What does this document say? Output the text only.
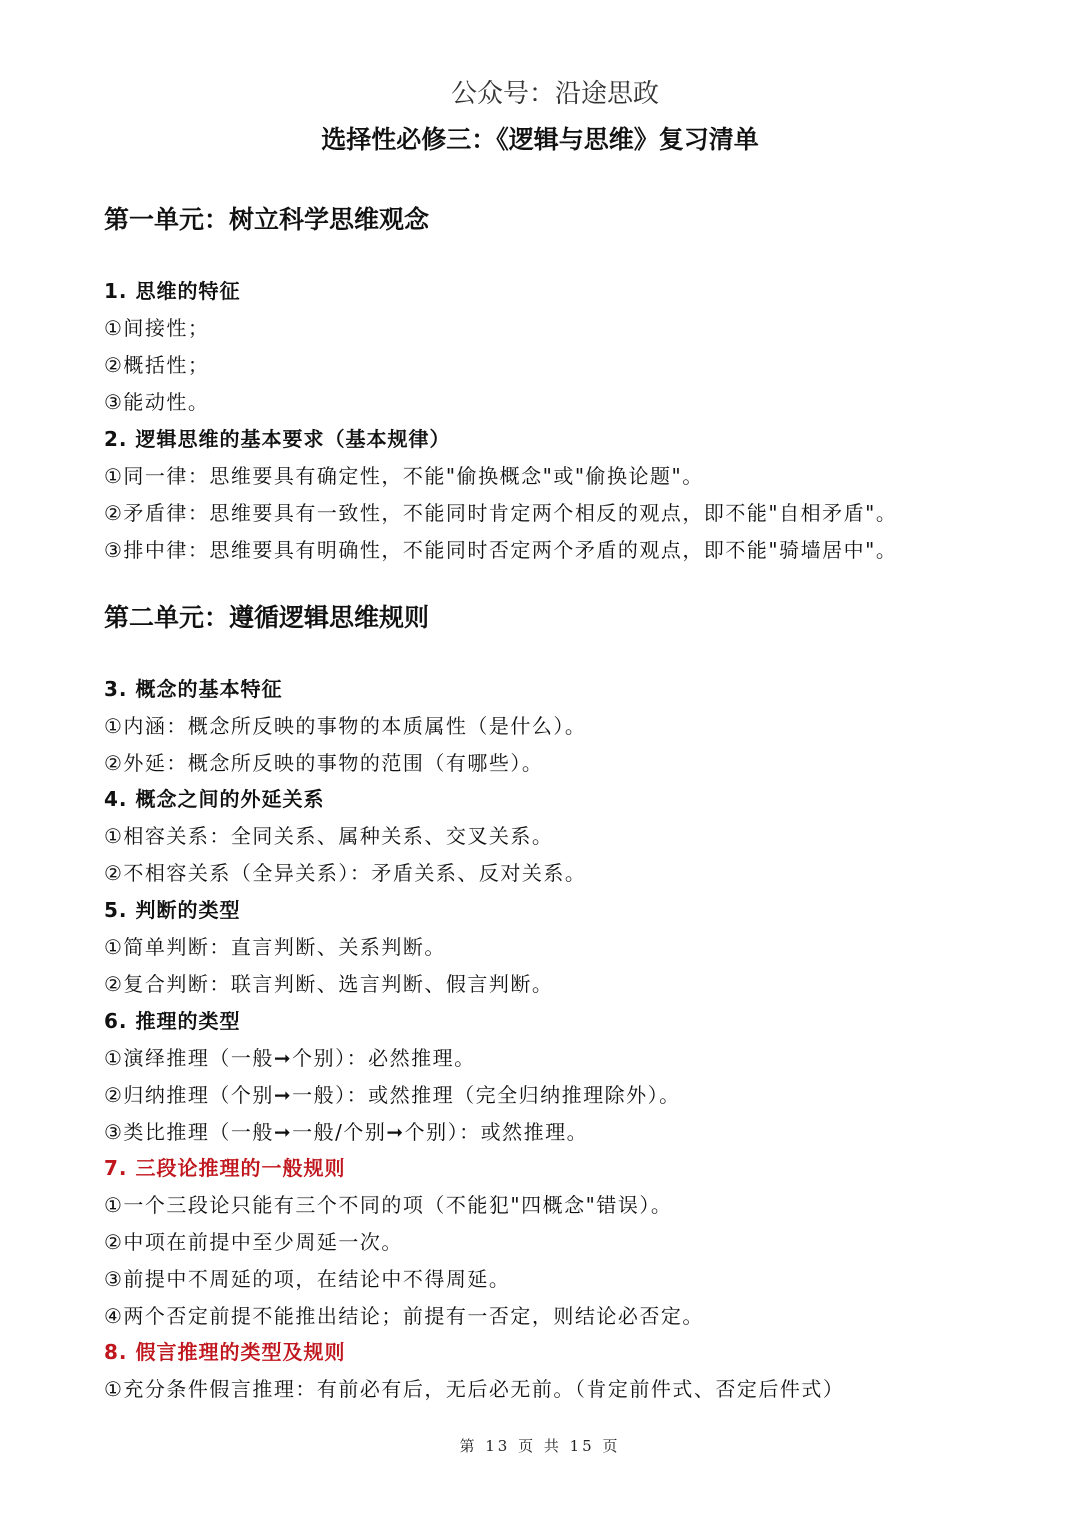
公众号：沿途思政
选择性必修三：《逻辑与思维》复习清单
第一单元：树立科学思维观念
1. 思维的特征
①间接性；
②概括性；
③能动性。
2. 逻辑思维的基本要求（基本规律）
①同一律：思维要具有确定性，不能"偷换概念"或"偷换论题"。
②矛盾律：思维要具有一致性，不能同时肯定两个相反的观点，即不能"自相矛盾"。
③排中律：思维要具有明确性，不能同时否定两个矛盾的观点，即不能"骑墙居中"。
第二单元：遵循逻辑思维规则
3. 概念的基本特征
①内涵：概念所反映的事物的本质属性（是什么）。
②外延：概念所反映的事物的范围（有哪些）。
4. 概念之间的外延关系
①相容关系：全同关系、属种关系、交叉关系。
②不相容关系（全异关系）：矛盾关系、反对关系。
5. 判断的类型
①简单判断：直言判断、关系判断。
②复合判断：联言判断、选言判断、假言判断。
6. 推理的类型
①演绎推理（一般➞个别）：必然推理。
②归纳推理（个别➞一般）：或然推理（完全归纳推理除外）。
③类比推理（一般➞一般/个别➞个别）：或然推理。
7. 三段论推理的一般规则
①一个三段论只能有三个不同的项（不能犯"四概念"错误）。
②中项在前提中至少周延一次。
③前提中不周延的项，在结论中不得周延。
④两个否定前提不能推出结论；前提有一否定，则结论必否定。
8. 假言推理的类型及规则
①充分条件假言推理：有前必有后，无后必无前。（肯定前件式、否定后件式）
第 13 页 共 15 页
